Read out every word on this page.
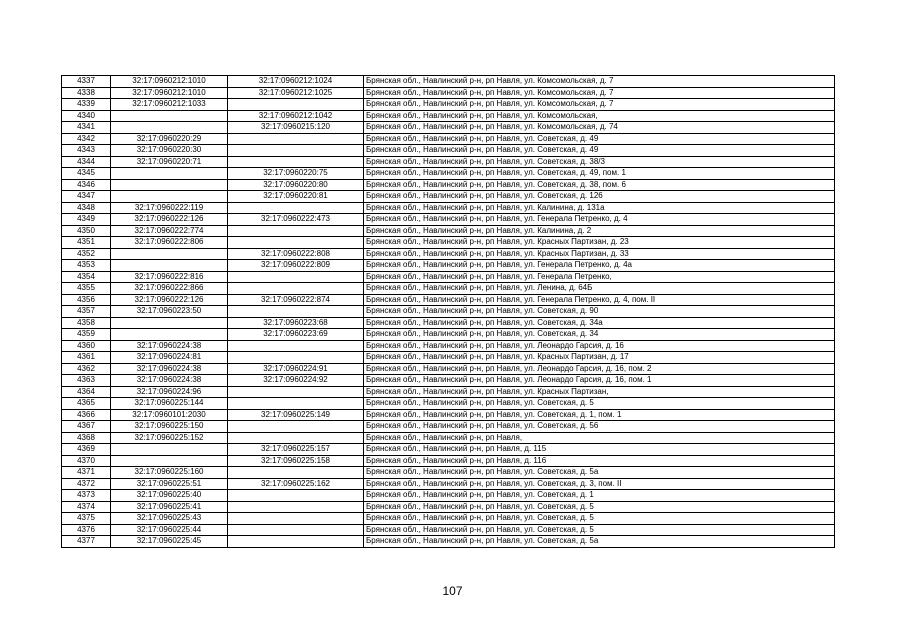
4337	32:17:0960212:1010	32:17:0960212:1024	Брянская обл., Навлинский р-н, рп Навля, ул. Комсомольская, д. 7
4338	32:17:0960212:1010	32:17:0960212:1025	Брянская обл., Навлинский р-н, рп Навля, ул. Комсомольская, д. 7
4339	32:17:0960212:1033		Брянская обл., Навлинский р-н, рп Навля, ул. Комсомольская, д. 7
4340		32:17:0960212:1042	Брянская обл., Навлинский р-н, рп Навля, ул. Комсомольская,
4341		32:17:0960215:120	Брянская обл., Навлинский р-н, рп Навля, ул. Комсомольская, д. 74
4342	32:17:0960220:29		Брянская обл., Навлинский р-н, рп Навля, ул. Советская, д. 49
4343	32:17:0960220:30		Брянская обл., Навлинский р-н, рп Навля, ул. Советская, д. 49
4344	32:17:0960220:71		Брянская обл., Навлинский р-н, рп Навля, ул. Советская, д. 38/3
4345		32:17:0960220:75	Брянская обл., Навлинский р-н, рп Навля, ул. Советская, д. 49, пом. 1
4346		32:17:0960220:80	Брянская обл., Навлинский р-н, рп Навля, ул. Советская, д. 38, пом. 6
4347		32:17:0960220:81	Брянская обл., Навлинский р-н, рп Навля, ул. Советская, д. 126
4348	32:17:0960222:119		Брянская обл., Навлинский р-н, рп Навля, ул. Калинина, д. 131а
4349	32:17:0960222:126	32:17:0960222:473	Брянская обл., Навлинский р-н, рп Навля, ул. Генерала Петренко, д. 4
4350	32:17:0960222:774		Брянская обл., Навлинский р-н, рп Навля, ул. Калинина, д. 2
4351	32:17:0960222:806		Брянская обл., Навлинский р-н, рп Навля, ул. Красных Партизан, д. 23
4352		32:17:0960222:808	Брянская обл., Навлинский р-н, рп Навля, ул. Красных Партизан, д. 33
4353		32:17:0960222:809	Брянская обл., Навлинский р-н, рп Навля, ул. Генерала Петренко, д. 4а
4354	32:17:0960222:816		Брянская обл., Навлинский р-н, рп Навля, ул. Генерала Петренко,
4355	32:17:0960222:866		Брянская обл., Навлинский р-н, рп Навля, ул. Ленина, д. 64Б
4356	32:17:0960222:126	32:17:0960222:874	Брянская обл., Навлинский р-н, рп Навля, ул. Генерала Петренко, д. 4, пом. II
4357	32:17:0960223:50		Брянская обл., Навлинский р-н, рп Навля, ул. Советская, д. 90
4358		32:17:0960223:68	Брянская обл., Навлинский р-н, рп Навля, ул. Советская, д. 34а
4359		32:17:0960223:69	Брянская обл., Навлинский р-н, рп Навля, ул. Советская, д. 34
4360	32:17:0960224:38		Брянская обл., Навлинский р-н, рп Навля, ул. Леонардо Гарсия, д. 16
4361	32:17:0960224:81		Брянская обл., Навлинский р-н, рп Навля, ул. Красных Партизан, д. 17
4362	32:17:0960224:38	32:17:0960224:91	Брянская обл., Навлинский р-н, рп Навля, ул. Леонардо Гарсия, д. 16, пом. 2
4363	32:17:0960224:38	32:17:0960224:92	Брянская обл., Навлинский р-н, рп Навля, ул. Леонардо Гарсия, д. 16, пом. 1
4364	32:17:0960224:96		Брянская обл., Навлинский р-н, рп Навля, ул. Красных Партизан,
4365	32:17:0960225:144		Брянская обл., Навлинский р-н, рп Навля, ул. Советская, д. 5
4366	32:17:0960101:2030	32:17:0960225:149	Брянская обл., Навлинский р-н, рп Навля, ул. Советская, д. 1, пом. 1
4367	32:17:0960225:150		Брянская обл., Навлинский р-н, рп Навля, ул. Советская, д. 56
4368	32:17:0960225:152		Брянская обл., Навлинский р-н, рп Навля,
4369		32:17:0960225:157	Брянская обл., Навлинский р-н, рп Навля, д. 115
4370		32:17:0960225:158	Брянская обл., Навлинский р-н, рп Навля, д. 116
4371	32:17:0960225:160		Брянская обл., Навлинский р-н, рп Навля, ул. Советская, д. 5а
4372	32:17:0960225:51	32:17:0960225:162	Брянская обл., Навлинский р-н, рп Навля, ул. Советская, д. 3, пом. II
4373	32:17:0960225:40		Брянская обл., Навлинский р-н, рп Навля, ул. Советская, д. 1
4374	32:17:0960225:41		Брянская обл., Навлинский р-н, рп Навля, ул. Советская, д. 5
4375	32:17:0960225:43		Брянская обл., Навлинский р-н, рп Навля, ул. Советская, д. 5
4376	32:17:0960225:44		Брянская обл., Навлинский р-н, рп Навля, ул. Советская, д. 5
4377	32:17:0960225:45		Брянская обл., Навлинский р-н, рп Навля, ул. Советская, д. 5а
107
